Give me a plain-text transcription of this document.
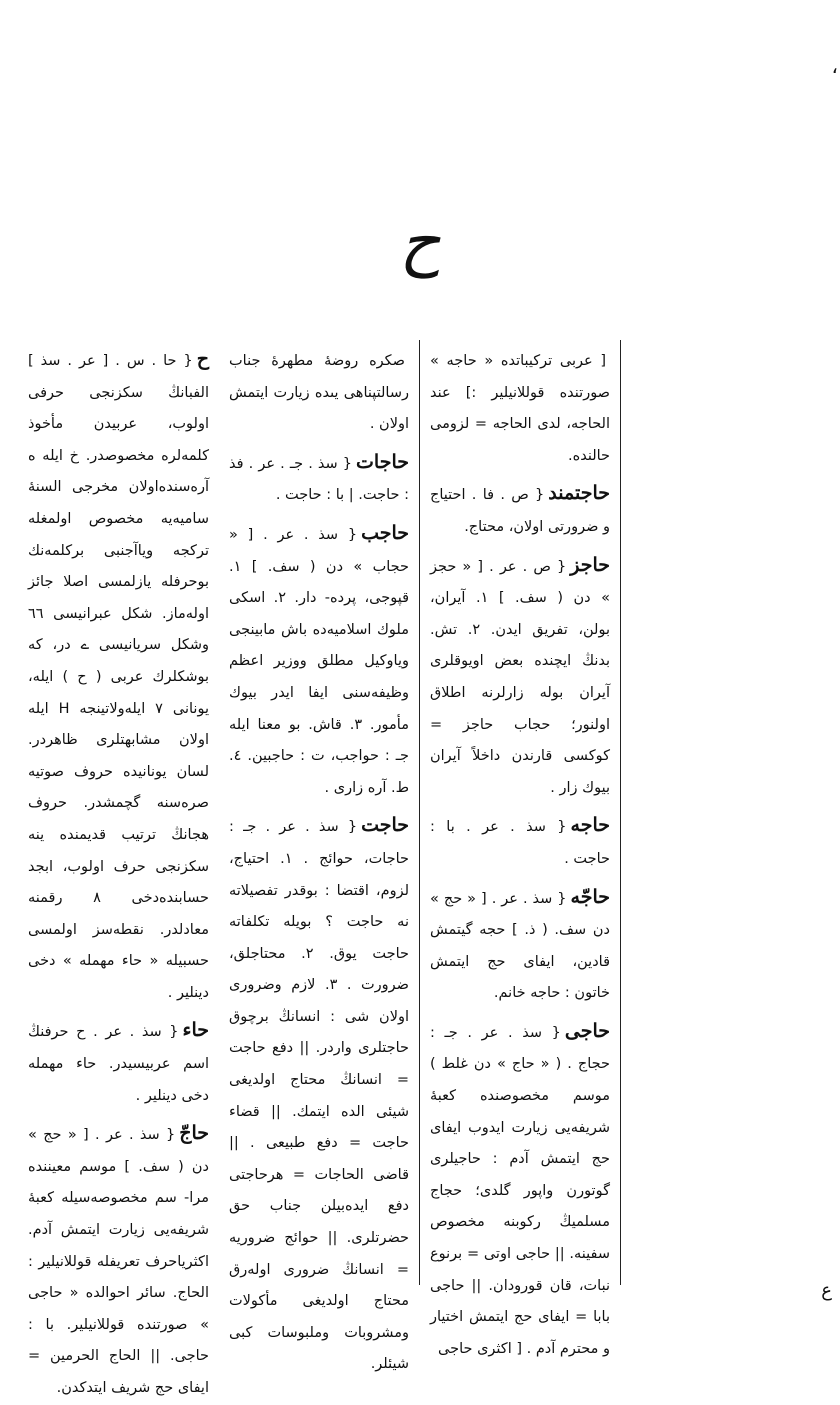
،
ح

ح{ حا . س . [ عر . سذ ] الفبانڭ سكزنجى حرفى اولوب، عربيدن مأخوذ كلمەلره مخصوصدر. خ ايلە ه آرەسندەاولان مخرجى السنۀ ساميەيە مخصوص اولمغلە تركجه وياآجنبى بركلمەنك بوحرفلە يازلمسى اصلا جائز اولەماز. شكل عبرانيسى ٦٦ وشكل سريانيسى ے در، كه بوشكلرك عربى ( ح ) ايلە، يونانى ٧ ايلەولاتينجه H ايلە اولان مشابهتلرى ظاهردر. لسان يونانيدە حروف صوتيه صرەسنه گچمشدر. حروف هجانڭ ترتيب قديمندە ينه سكزنجى حرف اولوب، ابجد حسابندەدخى ٨ رقمنه معادلدر. نقطەسز اولمسى حسبيلە « حاء مهملە » دخى دينلير .

حاء{ سذ . عر . ح حرفنڭ اسم عربيسيدر. حاء مهملە دخى دينلير .

حاجّ{ سذ . عر . [ « حج » دن ( سف. ] موسم معيننده مرا- سم مخصوصەسيلە كعبۀ شريفەيى زيارت ايتمش آدم. اكثرياحرف تعريفلە قوللانيلير : الحاج. سائر احوالدە « حاجى » صورتندە قوللانيلير. با : حاجى. || الحاج الحرمين = ايفاى حج شريف ايتدكدن.

صكرە روضۀ مطهرۀ جناب رسالتپناهى يىدە زيارت ايتمش اولان .

حاجات{ سذ . جـ . عر . فذ : حاجت. | با : حاجت .

حاجب{ سذ . عر . [ « حجاب » دن ( سف. ] ١. قپوجى، پردە- دار. ٢. اسكى ملوك اسلاميەدە باش مابينجى وياوكيل مطلق ووزير اعظم وظيفەسنى ايفا ايدر بيوك مأمور. ٣. قاش. بو معنا ايلە جـ : حواجب، ت : حاجبين. ٤. ط. آرە زارى .

حاجت{ سذ . عر . جـ : حاجات، حوائج . ١. احتياج، لزوم، اقتضا : بوقدر تفصيلاته نه حاجت ؟ بويلە تكلفاته حاجت يوق. ٢. محتاجلق، ضرورت . ٣. لازم وضرورى اولان شى : انسانڭ برچوق حاجتلرى واردر. || دفع حاجت = انسانڭ محتاج اولديغى شيئى الدە ايتمك. || قضاء حاجت = دفع طبيعى . || قاضى الحاجات = هرحاجتى دفع ايدەبيلن جناب حق حضرتلرى. || حوائج ضروريە = انسانڭ ضرورى اولەرق محتاج اولديغى مأكولات ومشروبات وملبوسات كبى شيئلر.

[ عربى تركيباتدە « حاجه » صورتندە قوللانيلير :] عند الحاجه، لدى الحاجه = لزومى حالندە.

حاجتمند{ ص . فا . احتياج و ضرورتى اولان، محتاج.

حاجز{ ص . عر . [ « حجز » دن ( سف. ] ١. آيران، بولن، تفريق ايدن. ٢. تش. بدنڭ ايچندە بعض اويوقلرى آيران بولە زارلرنە اطلاق اولنور؛ حجاب حاجز = كوكسى قارندن داخلاً آيران بيوك زار .

حاجه{ سذ . عر . با : حاجت .

حاجّه{ سذ . عر . [ « حج » دن سف. ( ذ. ] حجه گيتمش قادين، ايفاى حج ايتمش خاتون : حاجه خانم.

حاجى{ سذ . عر . جـ : حجاج . ( « حاج » دن غلط ) موسم مخصوصندە كعبۀ شريفەيى زيارت ايدوب ايفاى حج ايتمش آدم : حاجيلرى گوتورن واپور گلدى؛ حجاج مسلميڭ ركوبنە مخصوص سفينە. || حاجى اوتى = برنوع نبات، قان قورودان. || حاجى بابا = ايفاى حج ايتمش اختيار و محترم آدم . [ اكثرى حاجى

ع
